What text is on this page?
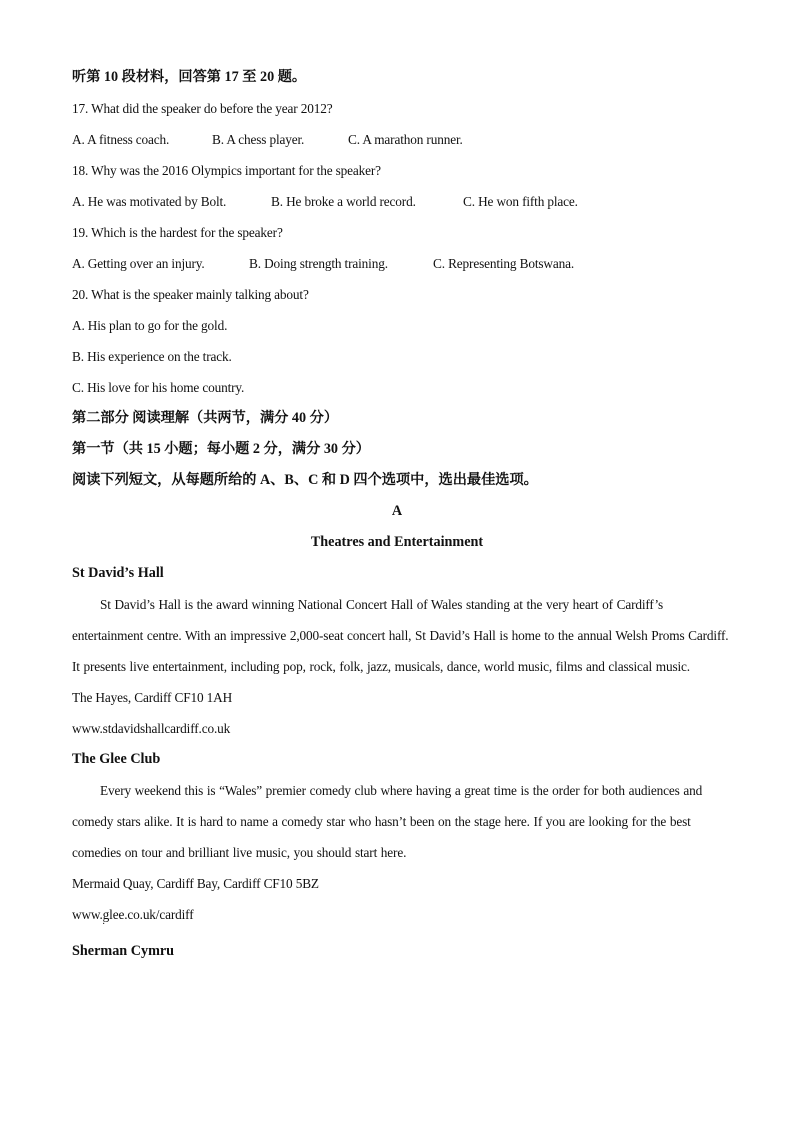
听第 10 段材料，回答第 17 至 20 题。
17. What did the speaker do before the year 2012?
A. A fitness coach.	B. A chess player.	C. A marathon runner.
18. Why was the 2016 Olympics important for the speaker?
A. He was motivated by Bolt.	B. He broke a world record.	C. He won fifth place.
19. Which is the hardest for the speaker?
A. Getting over an injury.	B. Doing strength training.	C. Representing Botswana.
20. What is the speaker mainly talking about?
A. His plan to go for the gold.
B. His experience on the track.
C. His love for his home country.
第二部分 阅读理解（共两节，满分 40 分）
第一节（共 15 小题；每小题 2 分，满分 30 分）
阅读下列短文，从每题所给的 A、B、C 和 D 四个选项中，选出最佳选项。
A
Theatres and Entertainment
St David’s Hall
St David’s Hall is the award winning National Concert Hall of Wales standing at the very heart of Cardiff’s entertainment centre. With an impressive 2,000-seat concert hall, St David’s Hall is home to the annual Welsh Proms Cardiff. It presents live entertainment, including pop, rock, folk, jazz, musicals, dance, world music, films and classical music.
The Hayes, Cardiff CF10 1AH
www.stdavidshallcardiff.co.uk
The Glee Club
Every weekend this is “Wales” premier comedy club where having a great time is the order for both audiences and comedy stars alike. It is hard to name a comedy star who hasn’t been on the stage here. If you are looking for the best comedies on tour and brilliant live music, you should start here.
Mermaid Quay, Cardiff Bay, Cardiff CF10 5BZ
www.glee.co.uk/cardiff
·
Sherman Cymru
